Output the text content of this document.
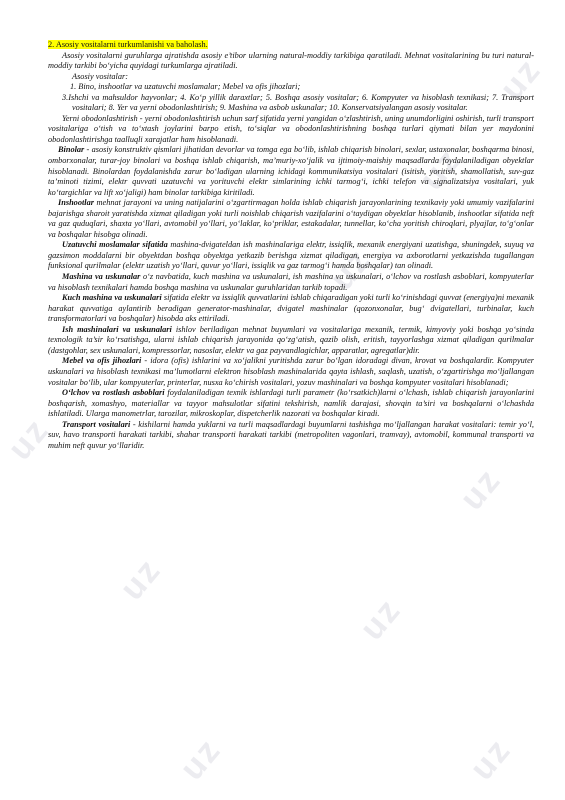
uz
uz
uz
uz
uz
uz
uz
uz	uz

2. Asosiy vositalarni turkumlanishi va baholash.

Asosiy vositalarni guruhlarga ajratishda asosiy e’tibor ularning natural-moddiy tarkibiga qaratiladi. Mehnat vositalarining bu turi natural-moddiy tarkibi bo‘yicha quyidagi turkumlarga ajratiladi.

Asosiy vositalar:

1. Bino, inshootlar va uzatuvchi moslamalar; Mebel va ofis jihozlari;

3.Ishchi va mahsuldor hayvonlar; 4. Ko‘p yillik daraxtlar; 5. Boshqa asosiy vositalar; 6. Kompyuter va hisoblash texnikasi; 7. Transport vositalari; 8. Yer va yerni obodonlashtirish; 9. Mashina va asbob uskunalar; 10. Konservatsiyalangan asosiy vositalar.

Yerni obodonlashtirish - yerni obodonlashtirish uchun sarf sifatida yerni yangidan o‘zlashtirish, uning unumdorligini oshirish, turli transport vositalariga o‘tish va to‘xtash joylarini barpo etish, to‘siqlar va obodonlashtirishning boshqa turlari qiymati bilan yer maydonini obodonlashtirishga taalluqli xarajatlar ham hisoblanadi.

Binolar - asosiy konstruktiv qismlari jihatidan devorlar va tomga ega bo‘lib, ishlab chiqarish binolari, sexlar, ustaxonalar, boshqarma binosi, omborxonalar, turar-joy binolari va boshqa ishlab chiqarish, ma’muriy-xo‘jalik va ijtimoiy-maishiy maqsadlarda foydalaniladigan obyektlar hisoblanadi. Binolardan foydalanishda zarur bo‘ladigan ularning ichidagi kommunikatsiya vositalari (isitish, yoritish, shamollatish, suv-gaz ta’minoti tizimi, elektr quvvati uzatuvchi va yorituvchi elektr simlarining ichki tarmog‘i, ichki telefon va signalizatsiya vositalari, yuk ko‘targichlar va lift xo‘jaligi) ham binolar tarkibiga kiritiladi.

Inshootlar mehnat jarayoni va uning natijalarini o‘zgartirmagan holda ishlab chiqarish jarayonlarining texnikaviy yoki umumiy vazifalarini bajarishga sharoit yaratishda xizmat qiladigan yoki turli noishlab chiqarish vazifalarini o‘taydigan obyektlar hisoblanib, inshootlar sifatida neft va gaz quduqlari, shaxta yo‘llari, avtomobil yo‘llari, yo‘laklar, ko‘priklar, estakadalar, tunnellar, ko‘cha yoritish chiroqlari, plyajlar, to‘g‘onlar va boshqalar hisobga olinadi.

Uzatuvchi moslamalar sifatida mashina-dvigateldan ish mashinalariga elektr, issiqlik, mexanik energiyani uzatishga, shuningdek, suyuq va gazsimon moddalarni bir obyektdan boshqa obyektga yetkazib berishga xizmat qiladigan, energiya va axborotlarni yetkazishda tugallangan funksional qurilmalar (elektr uzatish yo‘llari, quvur yo‘llari, issiqlik va gaz tarmog‘i hamda boshqalar) tan olinadi.

Mashina va uskunalar o‘z navbatida, kuch mashina va uskunalari, ish mashina va uskunalari, o‘lchov va rostlash asboblari, kompyuterlar va hisoblash texnikalari hamda boshqa mashina va uskunalar guruhlaridan tarkib topadi.

Kuch mashina va uskunalari sifatida elektr va issiqlik quvvatlarini ishlab chiqaradigan yoki turli ko‘rinishdagi quvvat (energiya)ni mexanik harakat quvvatiga aylantirib beradigan generator-mashinalar, dvigatel mashinalar (qozonxonalar, bug‘ dvigatellari, turbinalar, kuch transformatorlari va boshqalar) hisobda aks ettiriladi.

Ish mashinalari va uskunalari ishlov beriladigan mehnat buyumlari va vositalariga mexanik, termik, kimyoviy yoki boshqa yo‘sinda texnologik ta’sir ko‘rsatishga, ularni ishlab chiqarish jarayonida qo‘zg‘atish, qazib olish, eritish, tayyorlashga xizmat qiladigan qurilmalar (dastgohlar, sex uskunalari, kompressorlar, nasoslar, elektr va gaz payvandlagichlar, apparatlar, agregatlar)dir.

Mebel va ofis jihozlari - idora (ofis) ishlarini va xo‘jalikni yuritishda zarur bo‘lgan idoradagi divan, krovat va boshqalardir. Kompyuter uskunalari va hisoblash texnikasi ma’lumotlarni elektron hisoblash mashinalarida qayta ishlash, saqlash, uzatish, o‘zgartirishga mo‘ljallangan vositalar bo‘lib, ular kompyuterlar, printerlar, nusxa ko‘chirish vositalari, yozuv mashinalari va boshqa kompyuter vositalari hisoblanadi;

O‘lchov va rostlash asboblari foydalaniladigan texnik ishlardagi turli parametr (ko‘rsatkich)larni o‘lchash, ishlab chiqarish jarayonlarini boshqarish, xomashyo, materiallar va tayyor mahsulotlar sifatini tekshirish, namlik darajasi, shovqin ta’siri va boshqalarni o‘lchashda ishlatiladi. Ularga manometrlar, tarozilar, mikroskoplar, dispetcherlik nazorati va boshqalar kiradi.

Transport vositalari - kishilarni hamda yuklarni va turli maqsadlardagi buyumlarni tashishga mo‘ljallangan harakat vositalari: temir yo‘l, suv, havo transporti harakati tarkibi, shahar transporti harakati tarkibi (metropoliten vagonlari, tramvay), avtomobil, kommunal transporti va muhim neft quvur yo‘llaridir.
